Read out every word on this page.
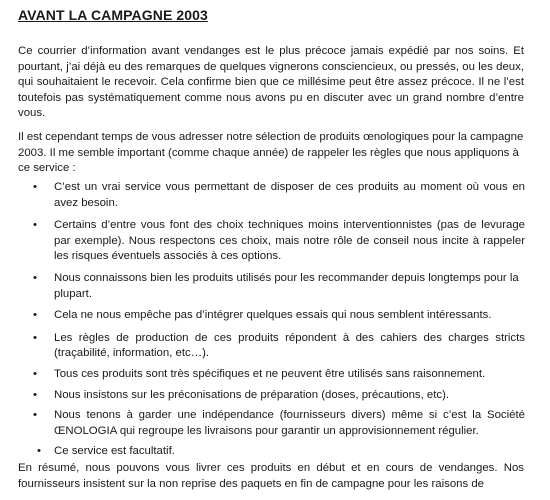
AVANT LA CAMPAGNE 2003

Ce courrier d’information avant vendanges est le plus précoce jamais expédié par nos soins. Et pourtant, j’ai déjà eu des remarques de quelques vignerons consciencieux, ou pressés, ou les deux, qui souhaitaient le recevoir. Cela confirme bien que ce millésime peut être assez précoce. Il ne l’est toutefois pas systématiquement comme nous avons pu en discuter avec un grand nombre d’entre vous.

Il est cependant temps de vous adresser notre sélection de produits œnologiques pour la campagne 2003. Il me semble important (comme chaque année) de rappeler les règles que nous appliquons à ce service :

• C’est un vrai service vous permettant de disposer de ces produits au moment où vous en avez besoin.
• Certains d’entre vous font des choix techniques moins interventionnistes (pas de levurage par exemple). Nous respectons ces choix, mais notre rôle de conseil nous incite à rappeler les risques éventuels associés à ces options.
• Nous connaissons bien les produits utilisés pour les recommander depuis longtemps pour la plupart.
• Cela ne nous empêche pas d’intégrer quelques essais qui nous semblent intéressants.
• Les règles de production de ces produits répondent à des cahiers des charges stricts (traçabilité, information, etc…).
• Tous ces produits sont très spécifiques et ne peuvent être utilisés sans raisonnement.
• Nous insistons sur les préconisations de préparation (doses, précautions, etc).
• Nous tenons à garder une indépendance (fournisseurs divers) même si c’est la Société ŒNOLOGIA qui regroupe les livraisons pour garantir un approvisionnement régulier.
• Ce service est facultatif.

En résumé, nous pouvons vous livrer ces produits en début et en cours de vendanges. Nos fournisseurs insistent sur la non reprise des paquets en fin de campagne pour les raisons de
